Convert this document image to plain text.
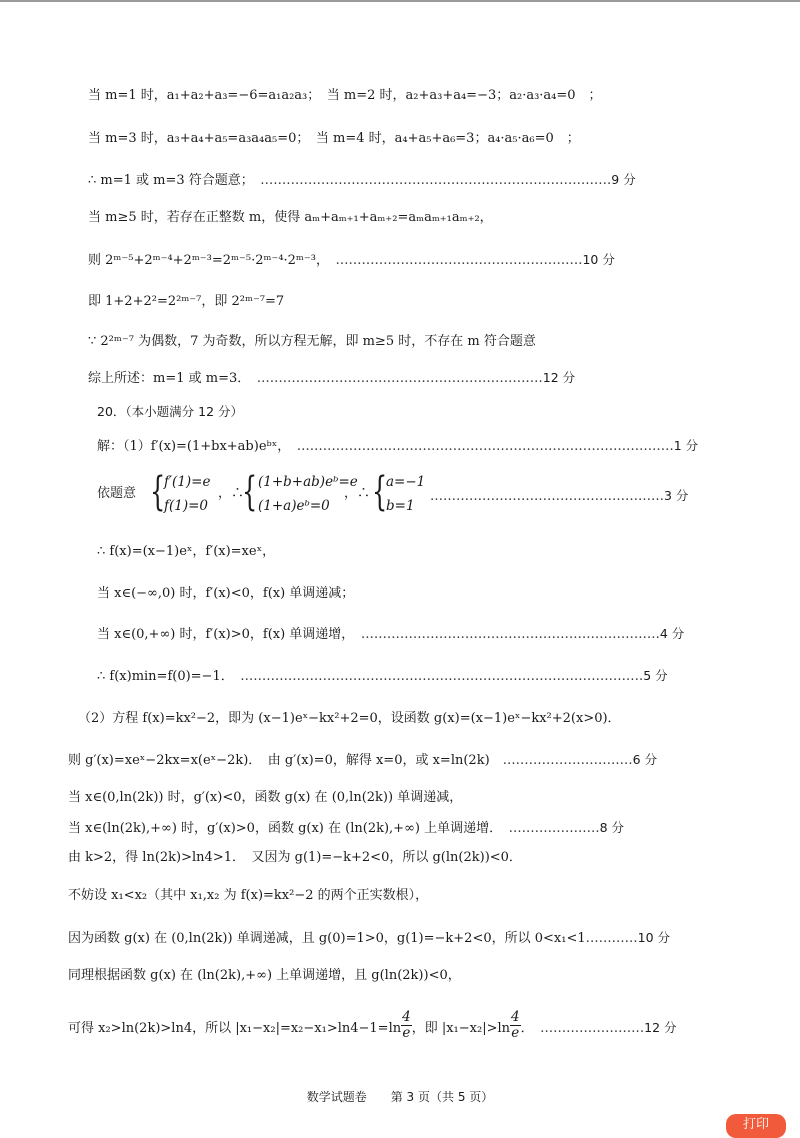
当 m=1 时，a₁+a₂+a₃=−6=a₁a₂a₃；　当 m=2 时，a₂+a₃+a₄=−3；a₂·a₃·a₄=0　；
当 m=3 时，a₃+a₄+a₅=a₃a₄a₅=0；　当 m=4 时，a₄+a₅+a₆=3；a₄·a₅·a₆=0　；
∴ m=1 或 m=3 符合题意；　………………………………………………………………………9 分
当 m≥5 时，若存在正整数 m，使得 aₘ+aₘ₊₁+aₘ₊₂=aₘaₘ₊₁aₘ₊₂，
则 2ᵐ⁻⁵+2ᵐ⁻⁴+2ᵐ⁻³=2ᵐ⁻⁵·2ᵐ⁻⁴·2ᵐ⁻³，　…………………………………………………10 分
即 1+2+2²=2²ᵐ⁻⁷，即 2²ᵐ⁻⁷=7
∵ 2²ᵐ⁻⁷ 为偶数，7 为奇数，所以方程无解，即 m≥5 时，不存在 m 符合题意
综上所述：m=1 或 m=3．　…………………………………………………………12 分
20．（本小题满分 12 分）
解：（1）f′(x)=(1+bx+ab)eᵇˣ，　……………………………………………………………………………1 分
依题意 {
f′(1)=e
f(1)=0
，∴
{ (1+b+ab)eᵇ=e
(1+a)eᵇ=0
，∴ {
a=−1
b=1
………………………………………………3 分
∴ f(x)=(x−1)eˣ，f′(x)=xeˣ，
当 x∈(−∞,0) 时，f′(x)<0，f(x) 单调递减；
当 x∈(0,+∞) 时，f′(x)>0，f(x) 单调递增，　……………………………………………………………4 分
∴ f(x)min=f(0)=−1．　…………………………………………………………………………………5 分
（2）方程 f(x)=kx²−2，即为 (x−1)eˣ−kx²+2=0，设函数 g(x)=(x−1)eˣ−kx²+2(x>0)．
则 g′(x)=xeˣ−2kx=x(eˣ−2k)．　由 g′(x)=0，解得 x=0，或 x=ln(2k)　…………………………6 分
当 x∈(0,ln(2k)) 时，g′(x)<0，函数 g(x) 在 (0,ln(2k)) 单调递减，
当 x∈(ln(2k),+∞) 时，g′(x)>0，函数 g(x) 在 (ln(2k),+∞) 上单调递增．　…………………8 分
由 k>2，得 ln(2k)>ln4>1．　又因为 g(1)=−k+2<0，所以 g(ln(2k))<0．
不妨设 x₁<x₂（其中 x₁,x₂ 为 f(x)=kx²−2 的两个正实数根），
因为函数 g(x) 在 (0,ln(2k)) 单调递减，且 g(0)=1>0，g(1)=−k+2<0，所以 0<x₁<1…………10 分
同理根据函数 g(x) 在 (ln(2k),+∞) 上单调递增，且 g(ln(2k))<0，
可得 x₂>ln(2k)>ln4，所以 $|x_1-x_2|=x_2-x_1>\ln 4-1=\ln \frac{4}{e}$ ，即 $|x_1-x_2|>\ln \frac{4}{e}$ ．　……………………12 分
数学试题卷　　第 3 页（共 5 页）
打印
